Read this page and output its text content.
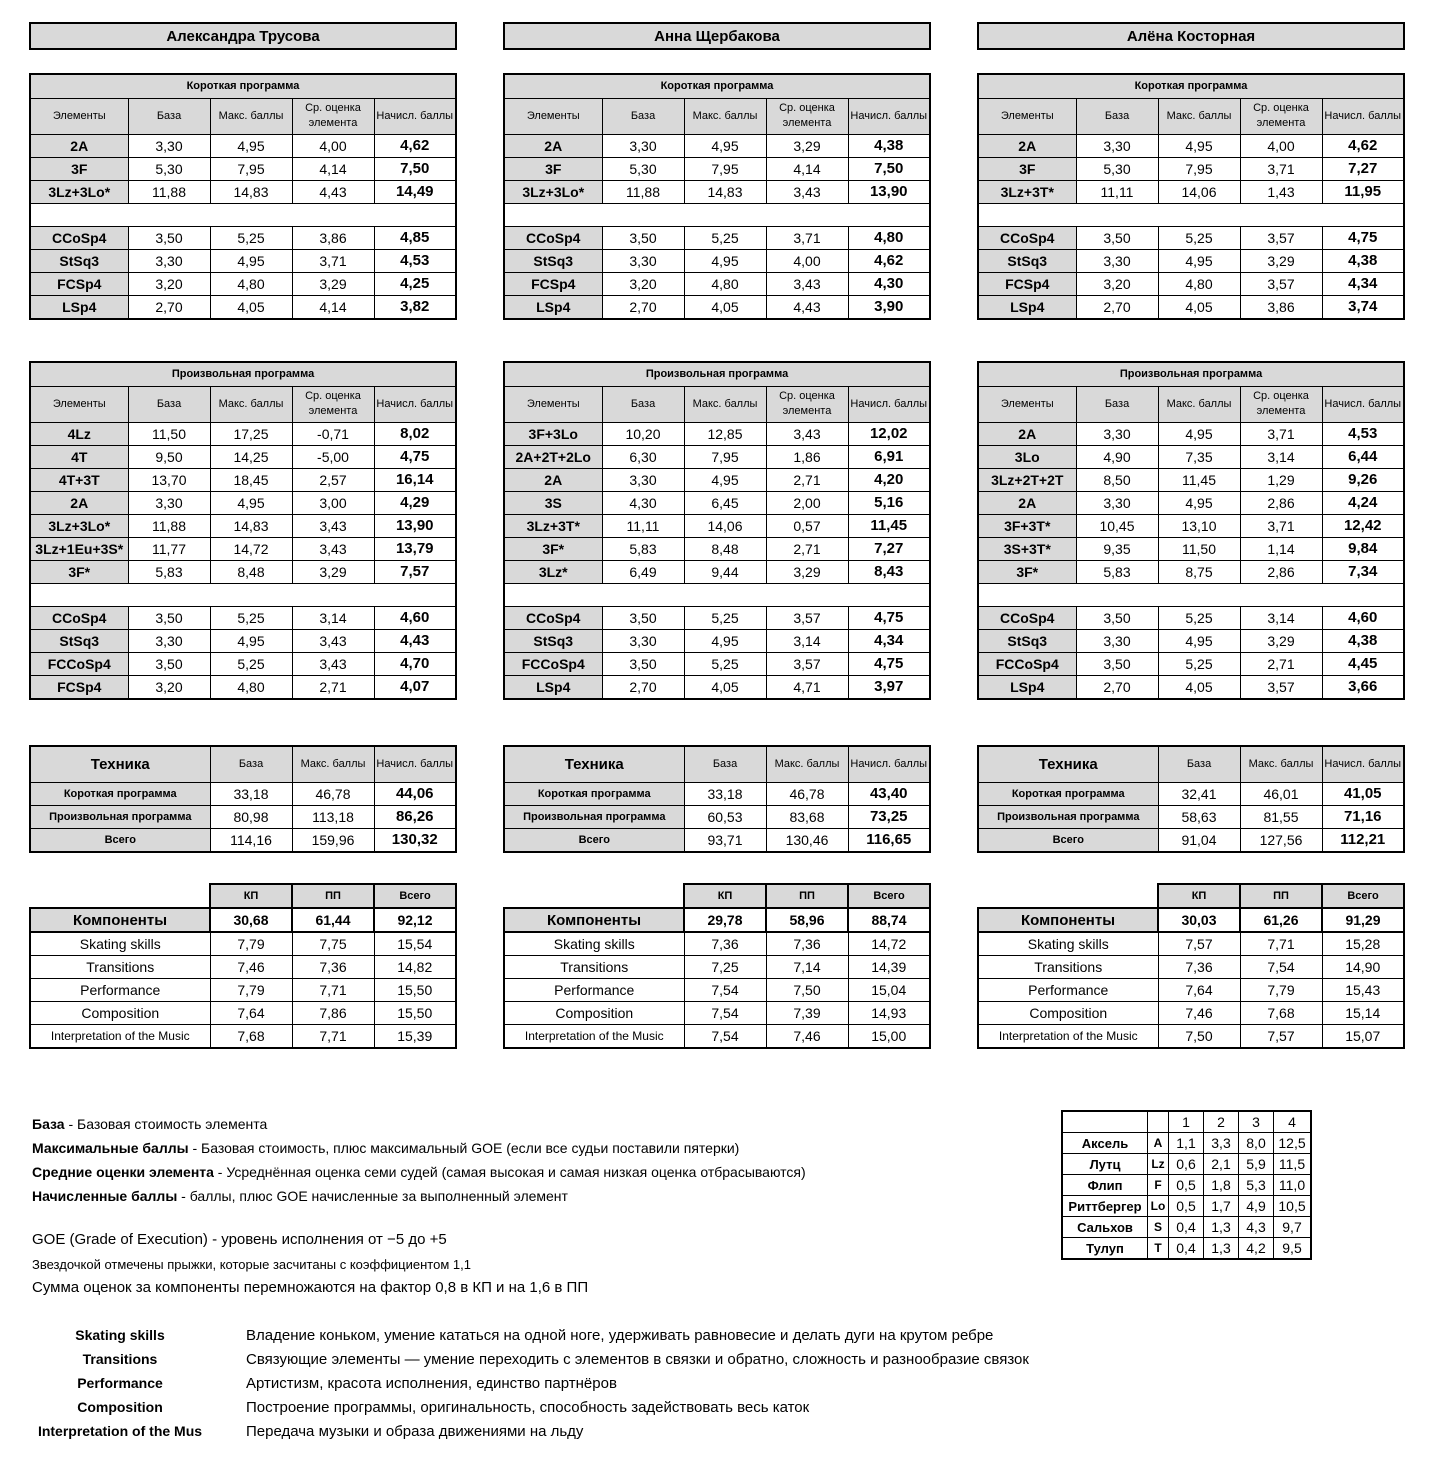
Александра Трусова
Короткая программа				
Элементы	База	Макс. баллы	Ср. оценка элемента	Начисл. баллы
2A	3,30	4,95	4,00	4,62
3F	5,30	7,95	4,14	7,50
3Lz+3Lo*	11,88	14,83	4,43	14,49

CCoSp4	3,50	5,25	3,86	4,85
StSq3	3,30	4,95	3,71	4,53
FCSp4	3,20	4,80	3,29	4,25
LSp4	2,70	4,05	4,14	3,82
Произвольная программа				
Элементы	База	Макс. баллы	Ср. оценка элемента	Начисл. баллы
4Lz	11,50	17,25	-0,71	8,02
4T	9,50	14,25	-5,00	4,75
4T+3T	13,70	18,45	2,57	16,14
2A	3,30	4,95	3,00	4,29
3Lz+3Lo*	11,88	14,83	3,43	13,90
3Lz+1Eu+3S*	11,77	14,72	3,43	13,79
3F*	5,83	8,48	3,29	7,57

CCoSp4	3,50	5,25	3,14	4,60
StSq3	3,30	4,95	3,43	4,43
FCCoSp4	3,50	5,25	3,43	4,70
FCSp4	3,20	4,80	2,71	4,07
Техника	База	Макс. баллы	Начисл. баллы
Короткая программа	33,18	46,78	44,06
Произвольная программа	80,98	113,18	86,26
Всего	114,16	159,96	130,32
	КП	ПП	Всего
Компоненты	30,68	61,44	92,12
Skating skills	7,79	7,75	15,54
Transitions	7,46	7,36	14,82
Performance	7,79	7,71	15,50
Composition	7,64	7,86	15,50
Interpretation of the Music	7,68	7,71	15,39
Анна Щербакова
Короткая программа				
Элементы	База	Макс. баллы	Ср. оценка элемента	Начисл. баллы
2A	3,30	4,95	3,29	4,38
3F	5,30	7,95	4,14	7,50
3Lz+3Lo*	11,88	14,83	3,43	13,90

CCoSp4	3,50	5,25	3,71	4,80
StSq3	3,30	4,95	4,00	4,62
FCSp4	3,20	4,80	3,43	4,30
LSp4	2,70	4,05	4,43	3,90
Произвольная программа				
Элементы	База	Макс. баллы	Ср. оценка элемента	Начисл. баллы
3F+3Lo	10,20	12,85	3,43	12,02
2A+2T+2Lo	6,30	7,95	1,86	6,91
2A	3,30	4,95	2,71	4,20
3S	4,30	6,45	2,00	5,16
3Lz+3T*	11,11	14,06	0,57	11,45
3F*	5,83	8,48	2,71	7,27
3Lz*	6,49	9,44	3,29	8,43

CCoSp4	3,50	5,25	3,57	4,75
StSq3	3,30	4,95	3,14	4,34
FCCoSp4	3,50	5,25	3,57	4,75
LSp4	2,70	4,05	4,71	3,97
Техника	База	Макс. баллы	Начисл. баллы
Короткая программа	33,18	46,78	43,40
Произвольная программа	60,53	83,68	73,25
Всего	93,71	130,46	116,65
	КП	ПП	Всего
Компоненты	29,78	58,96	88,74
Skating skills	7,36	7,36	14,72
Transitions	7,25	7,14	14,39
Performance	7,54	7,50	15,04
Composition	7,54	7,39	14,93
Interpretation of the Music	7,54	7,46	15,00
Алёна Косторная
Короткая программа				
Элементы	База	Макс. баллы	Ср. оценка элемента	Начисл. баллы
2A	3,30	4,95	4,00	4,62
3F	5,30	7,95	3,71	7,27
3Lz+3T*	11,11	14,06	1,43	11,95

CCoSp4	3,50	5,25	3,57	4,75
StSq3	3,30	4,95	3,29	4,38
FCSp4	3,20	4,80	3,57	4,34
LSp4	2,70	4,05	3,86	3,74
Произвольная программа				
Элементы	База	Макс. баллы	Ср. оценка элемента	Начисл. баллы
2A	3,30	4,95	3,71	4,53
3Lo	4,90	7,35	3,14	6,44
3Lz+2T+2T	8,50	11,45	1,29	9,26
2A	3,30	4,95	2,86	4,24
3F+3T*	10,45	13,10	3,71	12,42
3S+3T*	9,35	11,50	1,14	9,84
3F*	5,83	8,75	2,86	7,34

CCoSp4	3,50	5,25	3,14	4,60
StSq3	3,30	4,95	3,29	4,38
FCCoSp4	3,50	5,25	2,71	4,45
LSp4	2,70	4,05	3,57	3,66
Техника	База	Макс. баллы	Начисл. баллы
Короткая программа	32,41	46,01	41,05
Произвольная программа	58,63	81,55	71,16
Всего	91,04	127,56	112,21
	КП	ПП	Всего
Компоненты	30,03	61,26	91,29
Skating skills	7,57	7,71	15,28
Transitions	7,36	7,54	14,90
Performance	7,64	7,79	15,43
Composition	7,46	7,68	15,14
Interpretation of the Music	7,50	7,57	15,07
База - Базовая стоимость элемента
Максимальные баллы - Базовая стоимость, плюс максимальный GOE (если все судьи поставили пятерки)
Средние оценки элемента - Усреднённая оценка семи судей (самая высокая и самая низкая оценка отбрасываются)
Начисленные баллы - баллы, плюс GOE начисленные за выполненный элемент
GOE (Grade of Execution) - уровень исполнения от −5 до +5
Звездочкой отмечены прыжки, которые засчитаны с коэффициентом 1,1
Сумма оценок за компоненты перемножаются на фактор 0,8 в КП и на 1,6 в ПП
		1	2	3	4
Аксель	A	1,1	3,3	8,0	12,5
Лутц	Lz	0,6	2,1	5,9	11,5
Флип	F	0,5	1,8	5,3	11,0
Риттбергер	Lo	0,5	1,7	4,9	10,5
Сальхов	S	0,4	1,3	4,3	9,7
Тулуп	T	0,4	1,3	4,2	9,5
Skating skills	Владение коньком, умение кататься на одной ноге, удерживать равновесие и делать дуги на крутом ребре
Transitions	Связующие элементы — умение переходить с элементов в связки и обратно, сложность и разнообразие связок
Performance	Артистизм, красота исполнения, единство партнёров
Composition	Построение программы, оригинальность, способность задействовать весь каток
Interpretation of the Mus	Передача музыки и образа движениями на льду
